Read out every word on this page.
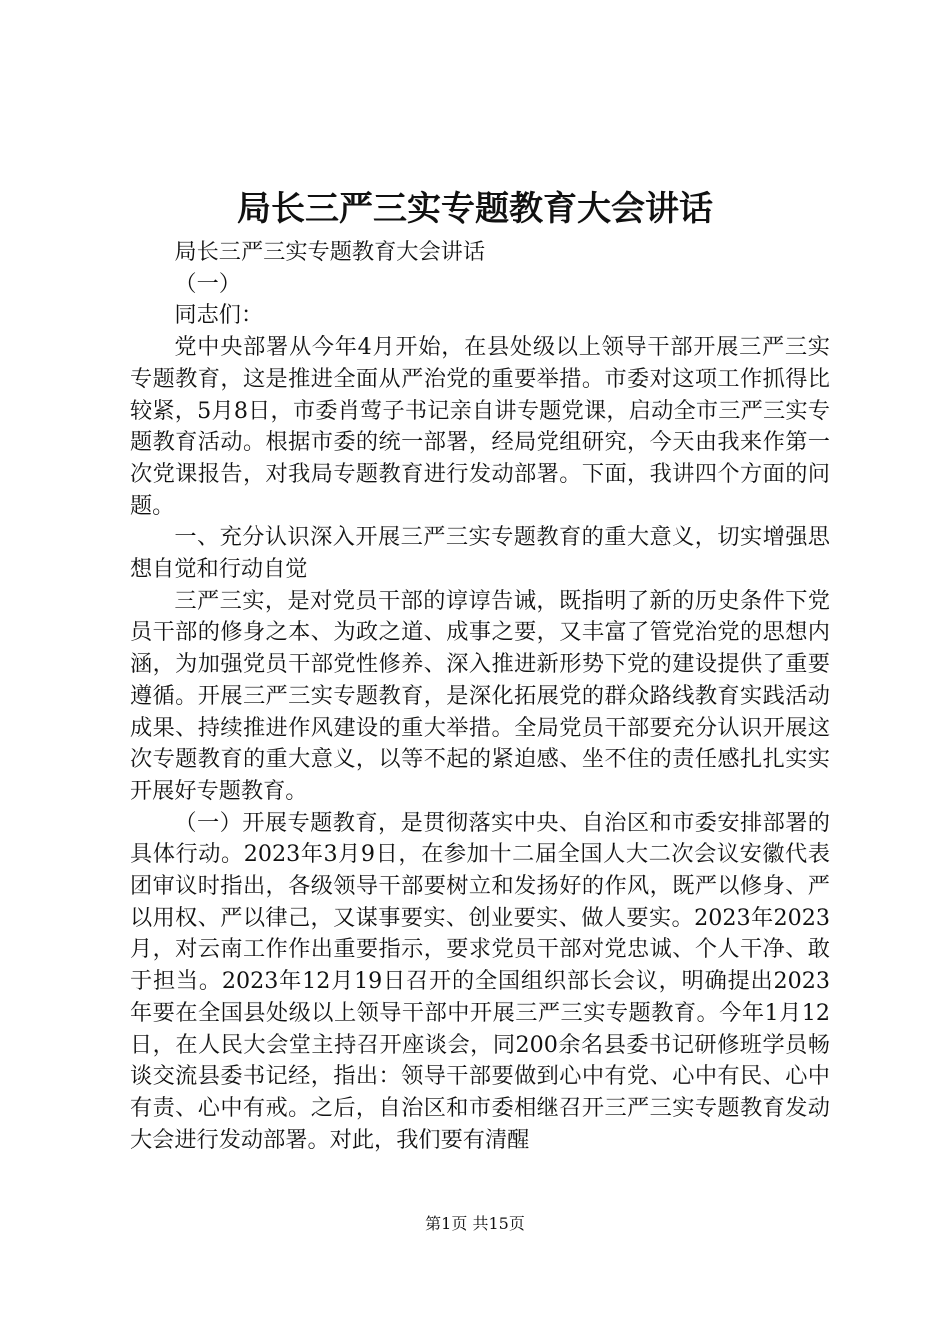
局长三严三实专题教育大会讲话

局长三严三实专题教育大会讲话

（一）

同志们：

党中央部署从今年4月开始，在县处级以上领导干部开展三严三实专题教育，这是推进全面从严治党的重要举措。市委对这项工作抓得比较紧，5月8日，市委肖莺子书记亲自讲专题党课，启动全市三严三实专题教育活动。根据市委的统一部署，经局党组研究，今天由我来作第一次党课报告，对我局专题教育进行发动部署。下面，我讲四个方面的问题。

一、充分认识深入开展三严三实专题教育的重大意义，切实增强思想自觉和行动自觉

三严三实，是对党员干部的谆谆告诫，既指明了新的历史条件下党员干部的修身之本、为政之道、成事之要，又丰富了管党治党的思想内涵，为加强党员干部党性修养、深入推进新形势下党的建设提供了重要遵循。开展三严三实专题教育，是深化拓展党的群众路线教育实践活动成果、持续推进作风建设的重大举措。全局党员干部要充分认识开展这次专题教育的重大意义，以等不起的紧迫感、坐不住的责任感扎扎实实开展好专题教育。

（一）开展专题教育，是贯彻落实中央、自治区和市委安排部署的具体行动。2023年3月9日，在参加十二届全国人大二次会议安徽代表团审议时指出，各级领导干部要树立和发扬好的作风，既严以修身、严以用权、严以律己，又谋事要实、创业要实、做人要实。2023年2023月，对云南工作作出重要指示，要求党员干部对党忠诚、个人干净、敢于担当。2023年12月19日召开的全国组织部长会议，明确提出2023年要在全国县处级以上领导干部中开展三严三实专题教育。今年1月12日，在人民大会堂主持召开座谈会，同200余名县委书记研修班学员畅谈交流县委书记经，指出：领导干部要做到心中有党、心中有民、心中有责、心中有戒。之后，自治区和市委相继召开三严三实专题教育发动大会进行发动部署。对此，我们要有清醒

第1页 共15页
